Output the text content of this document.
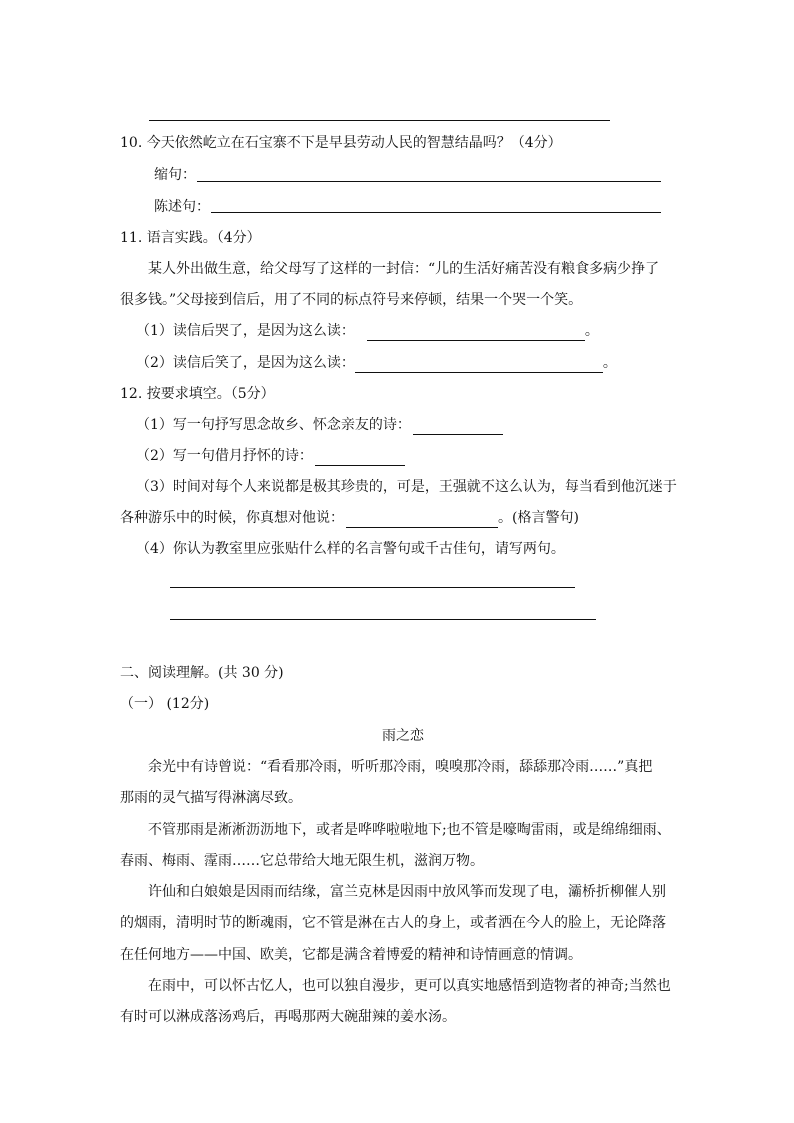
10. 今天依然屹立在石宝寨不下是早县劳动人民的智慧结晶吗？（4分）
缩句：
陈述句：
11. 语言实践。（4分）
某人外出做生意，给父母写了这样的一封信：“儿的生活好痛苦没有粮食多病少挣了
很多钱。”父母接到信后，用了不同的标点符号来停顿，结果一个哭一个笑。
（1）读信后哭了，是因为这么读：	。
（2）读信后笑了，是因为这么读：	。
12. 按要求填空。（5分）
（1）写一句抒写思念故乡、怀念亲友的诗：
（2）写一句借月抒怀的诗：
（3）时间对每个人来说都是极其珍贵的，可是，王强就不这么认为，每当看到他沉迷于
各种游乐中的时候，你真想对他说：	。(格言警句)
（4）你认为教室里应张贴什么样的名言警句或千古佳句，请写两句。
二、阅读理解。(共 30 分)
（一） (12分)
雨之恋
余光中有诗曾说：“看看那冷雨，听听那冷雨，嗅嗅那冷雨，舔舔那冷雨……”真把
那雨的灵气描写得淋漓尽致。
不管那雨是淅淅沥沥地下，或者是哗哗啦啦地下;也不管是嚎啕雷雨，或是绵绵细雨、
春雨、梅雨、霪雨……它总带给大地无限生机，滋润万物。
许仙和白娘娘是因雨而结缘，富兰克林是因雨中放风筝而发现了电，灞桥折柳催人别
的烟雨，清明时节的断魂雨，它不管是淋在古人的身上，或者洒在今人的脸上，无论降落
在任何地方——中国、欧美，它都是满含着博爱的精神和诗情画意的情调。
在雨中，可以怀古忆人，也可以独自漫步，更可以真实地感悟到造物者的神奇;当然也
有时可以淋成落汤鸡后，再喝那两大碗甜辣的姜水汤。
